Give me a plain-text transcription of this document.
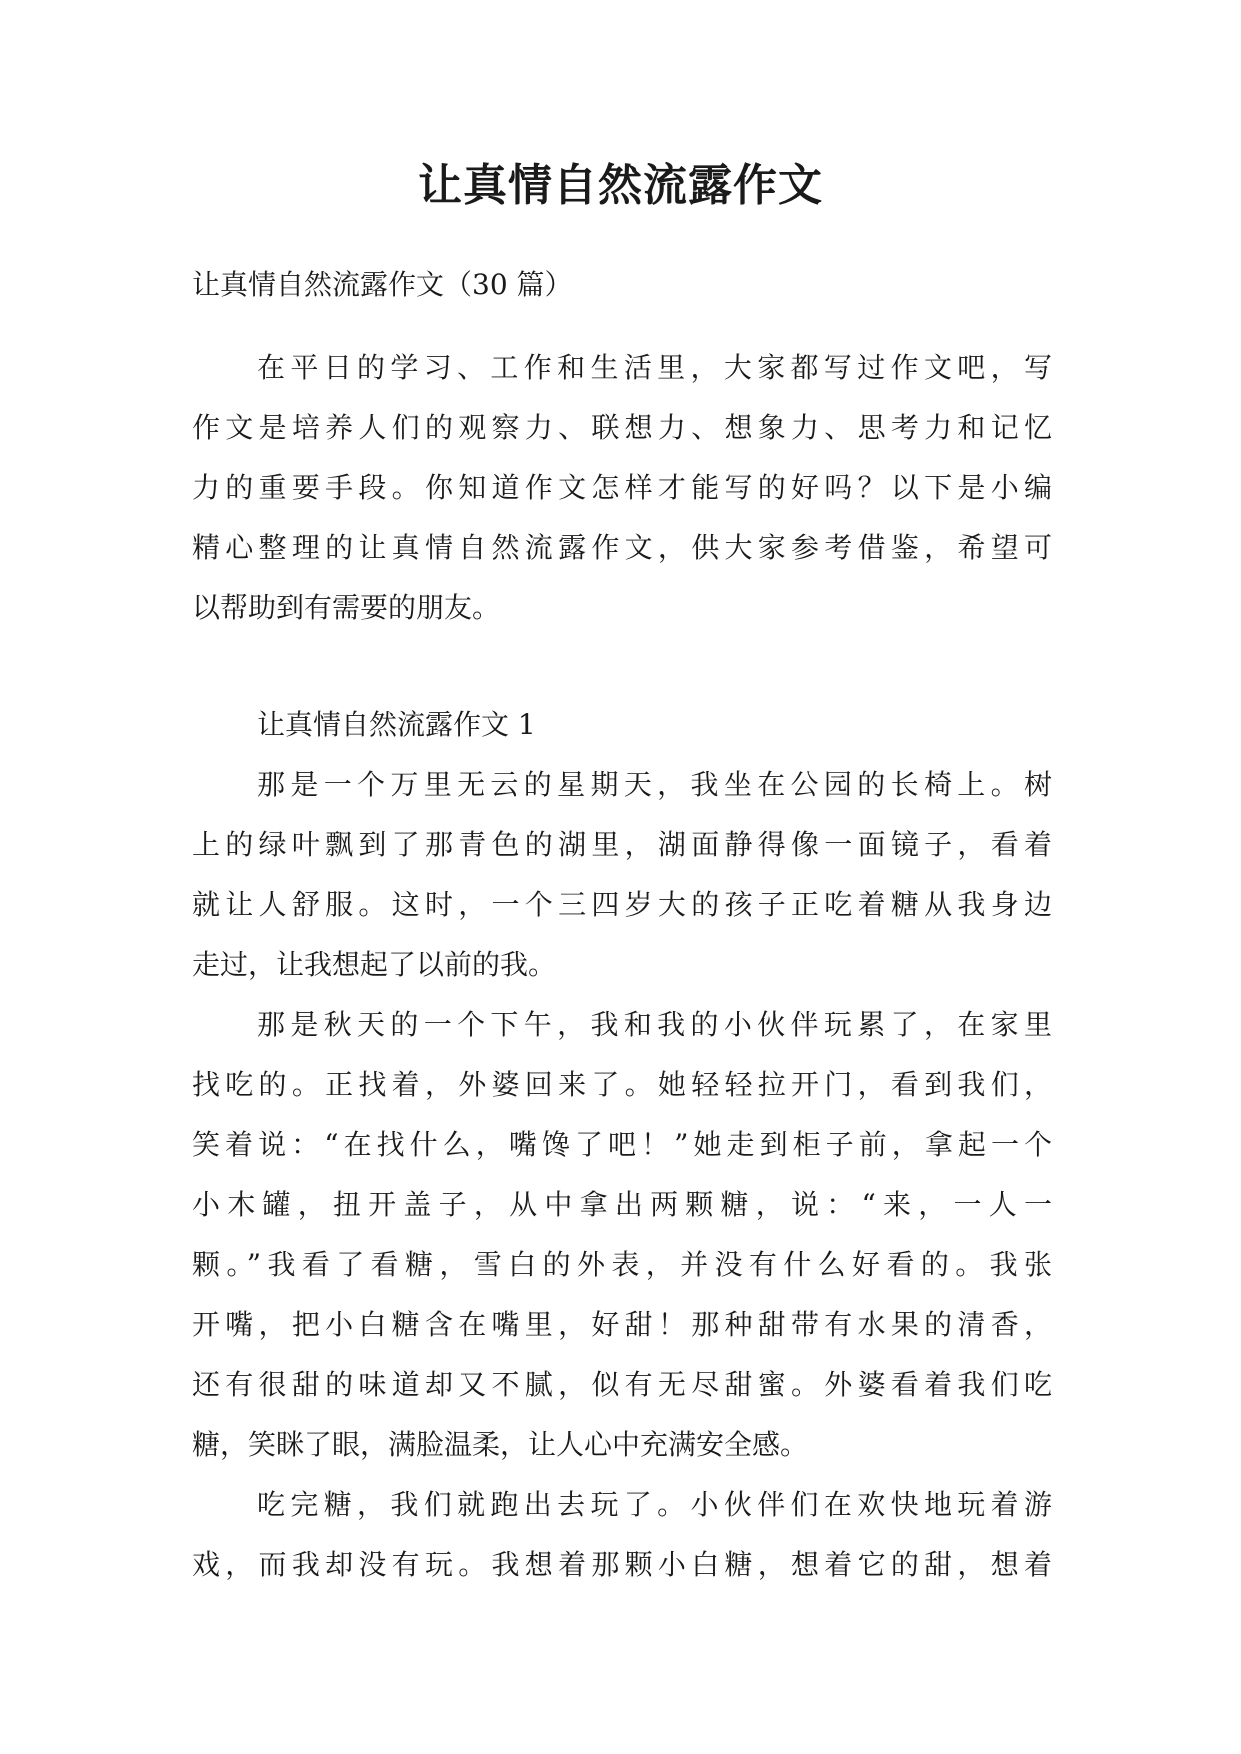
让真情自然流露作文
让真情自然流露作文（30 篇）
在平日的学习、工作和生活里，大家都写过作文吧，写
作文是培养人们的观察力、联想力、想象力、思考力和记忆
力的重要手段。你知道作文怎样才能写的好吗？以下是小编
精心整理的让真情自然流露作文，供大家参考借鉴，希望可
以帮助到有需要的朋友。
让真情自然流露作文 1
那是一个万里无云的星期天，我坐在公园的长椅上。树
上的绿叶飘到了那青色的湖里，湖面静得像一面镜子，看着
就让人舒服。这时，一个三四岁大的孩子正吃着糖从我身边
走过，让我想起了以前的我。
那是秋天的一个下午，我和我的小伙伴玩累了，在家里
找吃的。正找着，外婆回来了。她轻轻拉开门，看到我们，
笑着说：“在找什么，嘴馋了吧！”她走到柜子前，拿起一个
小木罐，扭开盖子，从中拿出两颗糖，说：“来，一人一
颗。”我看了看糖，雪白的外表，并没有什么好看的。我张
开嘴，把小白糖含在嘴里，好甜！那种甜带有水果的清香，
还有很甜的味道却又不腻，似有无尽甜蜜。外婆看着我们吃
糖，笑眯了眼，满脸温柔，让人心中充满安全感。
吃完糖，我们就跑出去玩了。小伙伴们在欢快地玩着游
戏，而我却没有玩。我想着那颗小白糖，想着它的甜，想着
